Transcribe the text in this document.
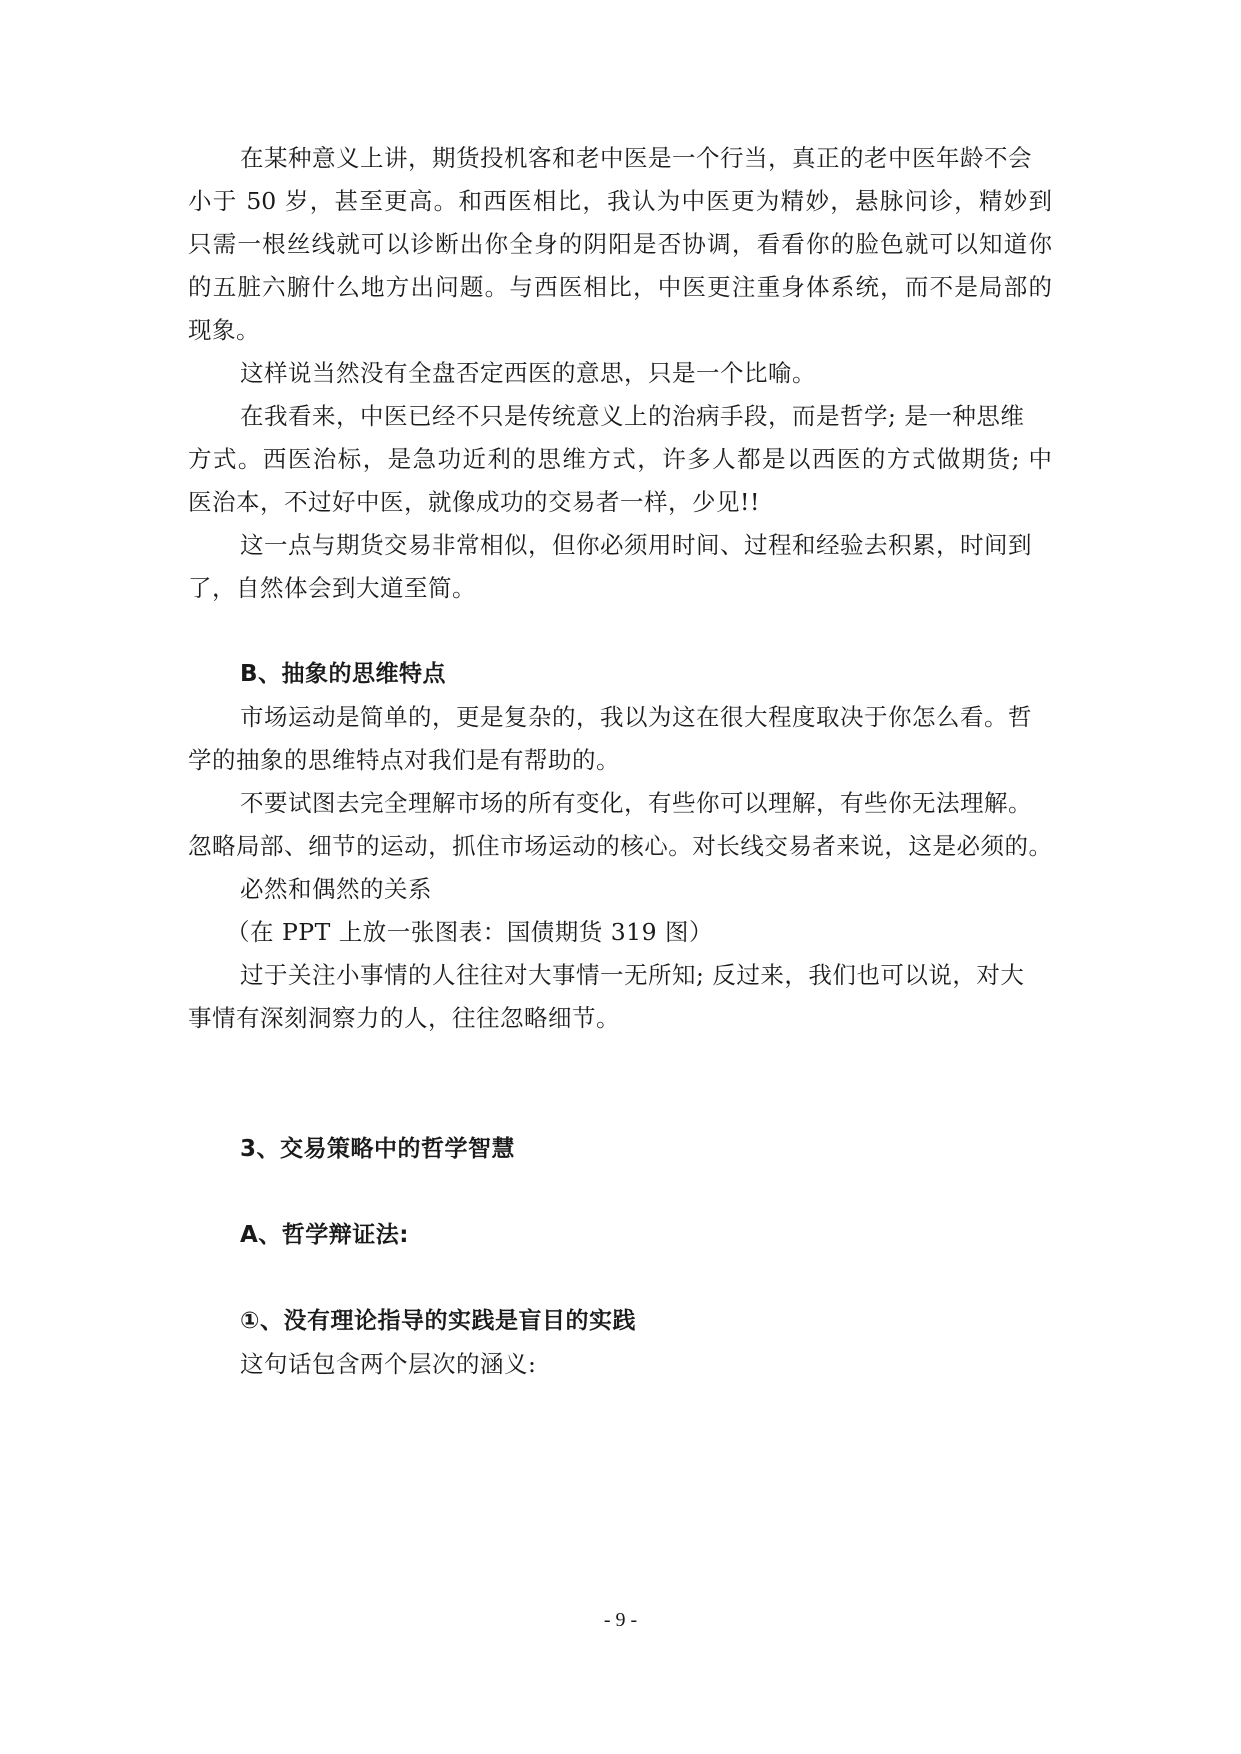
在某种意义上讲，期货投机客和老中医是一个行当，真正的老中医年龄不会
小于 50 岁，甚至更高。和西医相比，我认为中医更为精妙，悬脉问诊，精妙到
只需一根丝线就可以诊断出你全身的阴阳是否协调，看看你的脸色就可以知道你
的五脏六腑什么地方出问题。与西医相比，中医更注重身体系统，而不是局部的
现象。
这样说当然没有全盘否定西医的意思，只是一个比喻。
在我看来，中医已经不只是传统意义上的治病手段，而是哲学; 是一种思维
方式。西医治标，是急功近利的思维方式，许多人都是以西医的方式做期货; 中
医治本，不过好中医，就像成功的交易者一样，少见!!
这一点与期货交易非常相似，但你必须用时间、过程和经验去积累，时间到
了，自然体会到大道至简。
B、抽象的思维特点
市场运动是简单的，更是复杂的，我以为这在很大程度取决于你怎么看。哲
学的抽象的思维特点对我们是有帮助的。
不要试图去完全理解市场的所有变化，有些你可以理解，有些你无法理解。
忽略局部、细节的运动，抓住市场运动的核心。对长线交易者来说，这是必须的。
必然和偶然的关系
（在 PPT 上放一张图表：国债期货 319 图）
过于关注小事情的人往往对大事情一无所知; 反过来，我们也可以说，对大
事情有深刻洞察力的人，往往忽略细节。
3、交易策略中的哲学智慧
A、哲学辩证法:
①、没有理论指导的实践是盲目的实践
这句话包含两个层次的涵义:
- 9 -
